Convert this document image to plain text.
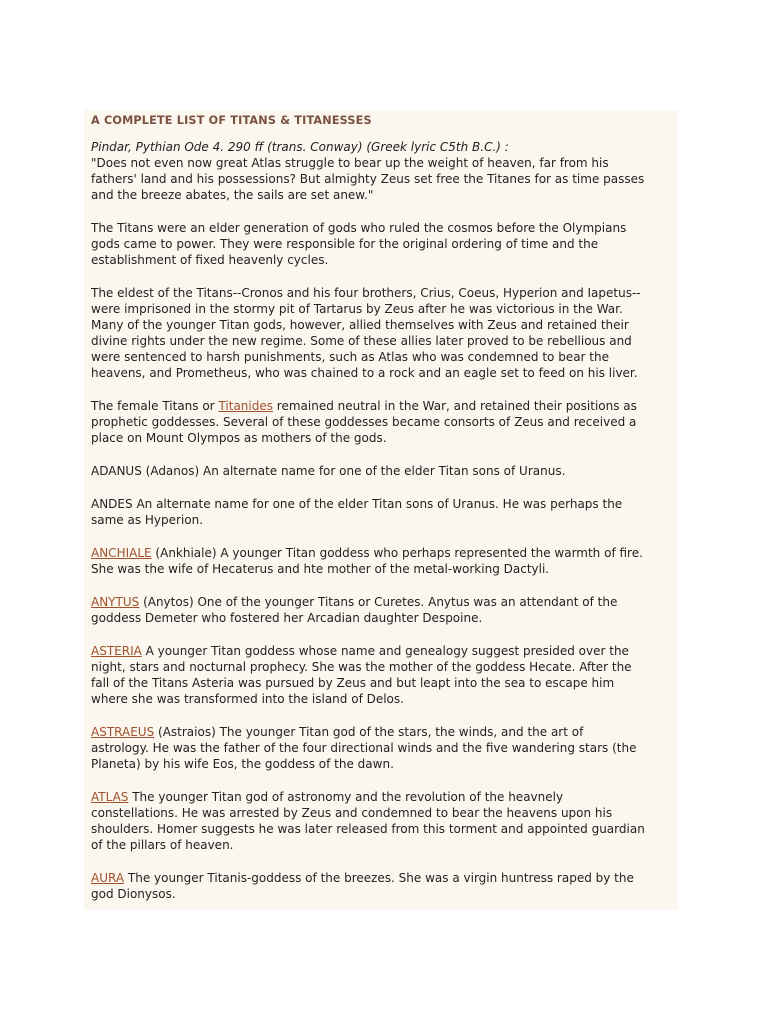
A COMPLETE LIST OF TITANS & TITANESSES
Pindar, Pythian Ode 4. 290 ff (trans. Conway) (Greek lyric C5th B.C.) :
"Does not even now great Atlas struggle to bear up the weight of heaven, far from his
fathers' land and his possessions? But almighty Zeus set free the Titanes for as time passes
and the breeze abates, the sails are set anew."

The Titans were an elder generation of gods who ruled the cosmos before the Olympians
gods came to power. They were responsible for the original ordering of time and the
establishment of fixed heavenly cycles.

The eldest of the Titans--Cronos and his four brothers, Crius, Coeus, Hyperion and Iapetus--
were imprisoned in the stormy pit of Tartarus by Zeus after he was victorious in the War.
Many of the younger Titan gods, however, allied themselves with Zeus and retained their
divine rights under the new regime. Some of these allies later proved to be rebellious and
were sentenced to harsh punishments, such as Atlas who was condemned to bear the
heavens, and Prometheus, who was chained to a rock and an eagle set to feed on his liver.

The female Titans or Titanides remained neutral in the War, and retained their positions as
prophetic goddesses. Several of these goddesses became consorts of Zeus and received a
place on Mount Olympos as mothers of the gods.

ADANUS (Adanos) An alternate name for one of the elder Titan sons of Uranus.

ANDES An alternate name for one of the elder Titan sons of Uranus. He was perhaps the
same as Hyperion.

ANCHIALE (Ankhiale) A younger Titan goddess who perhaps represented the warmth of fire.
She was the wife of Hecaterus and hte mother of the metal-working Dactyli.

ANYTUS (Anytos) One of the younger Titans or Curetes. Anytus was an attendant of the
goddess Demeter who fostered her Arcadian daughter Despoine.

ASTERIA A younger Titan goddess whose name and genealogy suggest presided over the
night, stars and nocturnal prophecy. She was the mother of the goddess Hecate. After the
fall of the Titans Asteria was pursued by Zeus and but leapt into the sea to escape him
where she was transformed into the island of Delos.

ASTRAEUS (Astraios) The younger Titan god of the stars, the winds, and the art of
astrology. He was the father of the four directional winds and the five wandering stars (the
Planeta) by his wife Eos, the goddess of the dawn.

ATLAS The younger Titan god of astronomy and the revolution of the heavnely
constellations. He was arrested by Zeus and condemned to bear the heavens upon his
shoulders. Homer suggests he was later released from this torment and appointed guardian
of the pillars of heaven.

AURA The younger Titanis-goddess of the breezes. She was a virgin huntress raped by the
god Dionysos.
